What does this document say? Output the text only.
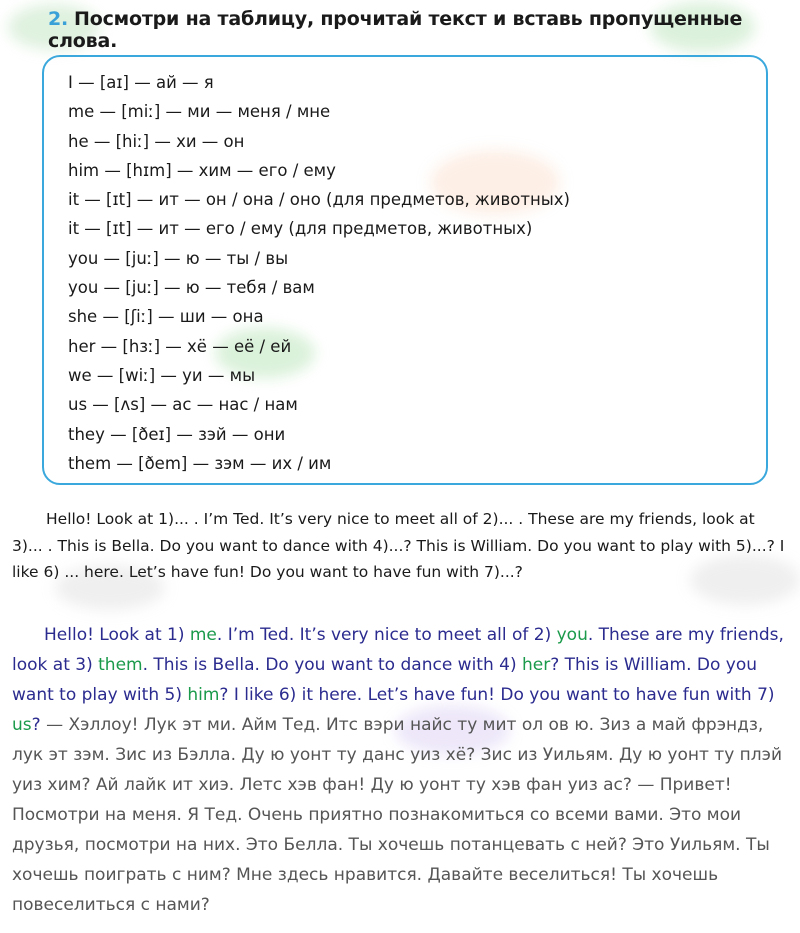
2. Посмотри на таблицу, прочитай текст и вставь пропущенные слова.
I — [aɪ] — ай — я
me — [miː] — ми — меня / мне
he — [hiː] — хи — он
him — [hɪm] — хим — его / ему
it — [ɪt] — ит — он / она / оно (для предметов, животных)
it — [ɪt] — ит — его / ему (для предметов, животных)
you — [juː] — ю — ты / вы
you — [juː] — ю — тебя / вам
she — [ʃiː] — ши — она
her — [hɜː] — хё — её / ей
we — [wiː] — уи — мы
us — [ʌs] — ас — нас / нам
they — [ðeɪ] — зэй — они
them — [ðem] — зэм — их / им

Hello! Look at 1)... . I’m Ted. It’s very nice to meet all of 2)... . These are my friends, look at 3)... . This is Bella. Do you want to dance with 4)...? This is William. Do you want to play with 5)...? I like 6) ... here. Let’s have fun! Do you want to have fun with 7)...?

Hello! Look at 1) me. I’m Ted. It’s very nice to meet all of 2) you. These are my friends, look at 3) them. This is Bella. Do you want to dance with 4) her? This is William. Do you want to play with 5) him? I like 6) it here. Let’s have fun! Do you want to have fun with 7) us? — Хэллоу! Лук эт ми. Айм Тед. Итс вэри найс ту мит ол ов ю. Зиз а май фрэндз, лук эт зэм. Зис из Бэлла. Ду ю уонт ту данс уиз хё? Зис из Уильям. Ду ю уонт ту плэй уиз хим? Ай лайк ит хиэ. Летс хэв фан! Ду ю уонт ту хэв фан уиз ас? — Привет! Посмотри на меня. Я Тед. Очень приятно познакомиться со всеми вами. Это мои друзья, посмотри на них. Это Белла. Ты хочешь потанцевать с ней? Это Уильям. Ты хочешь поиграть с ним? Мне здесь нравится. Давайте веселиться! Ты хочешь повеселиться с нами?
